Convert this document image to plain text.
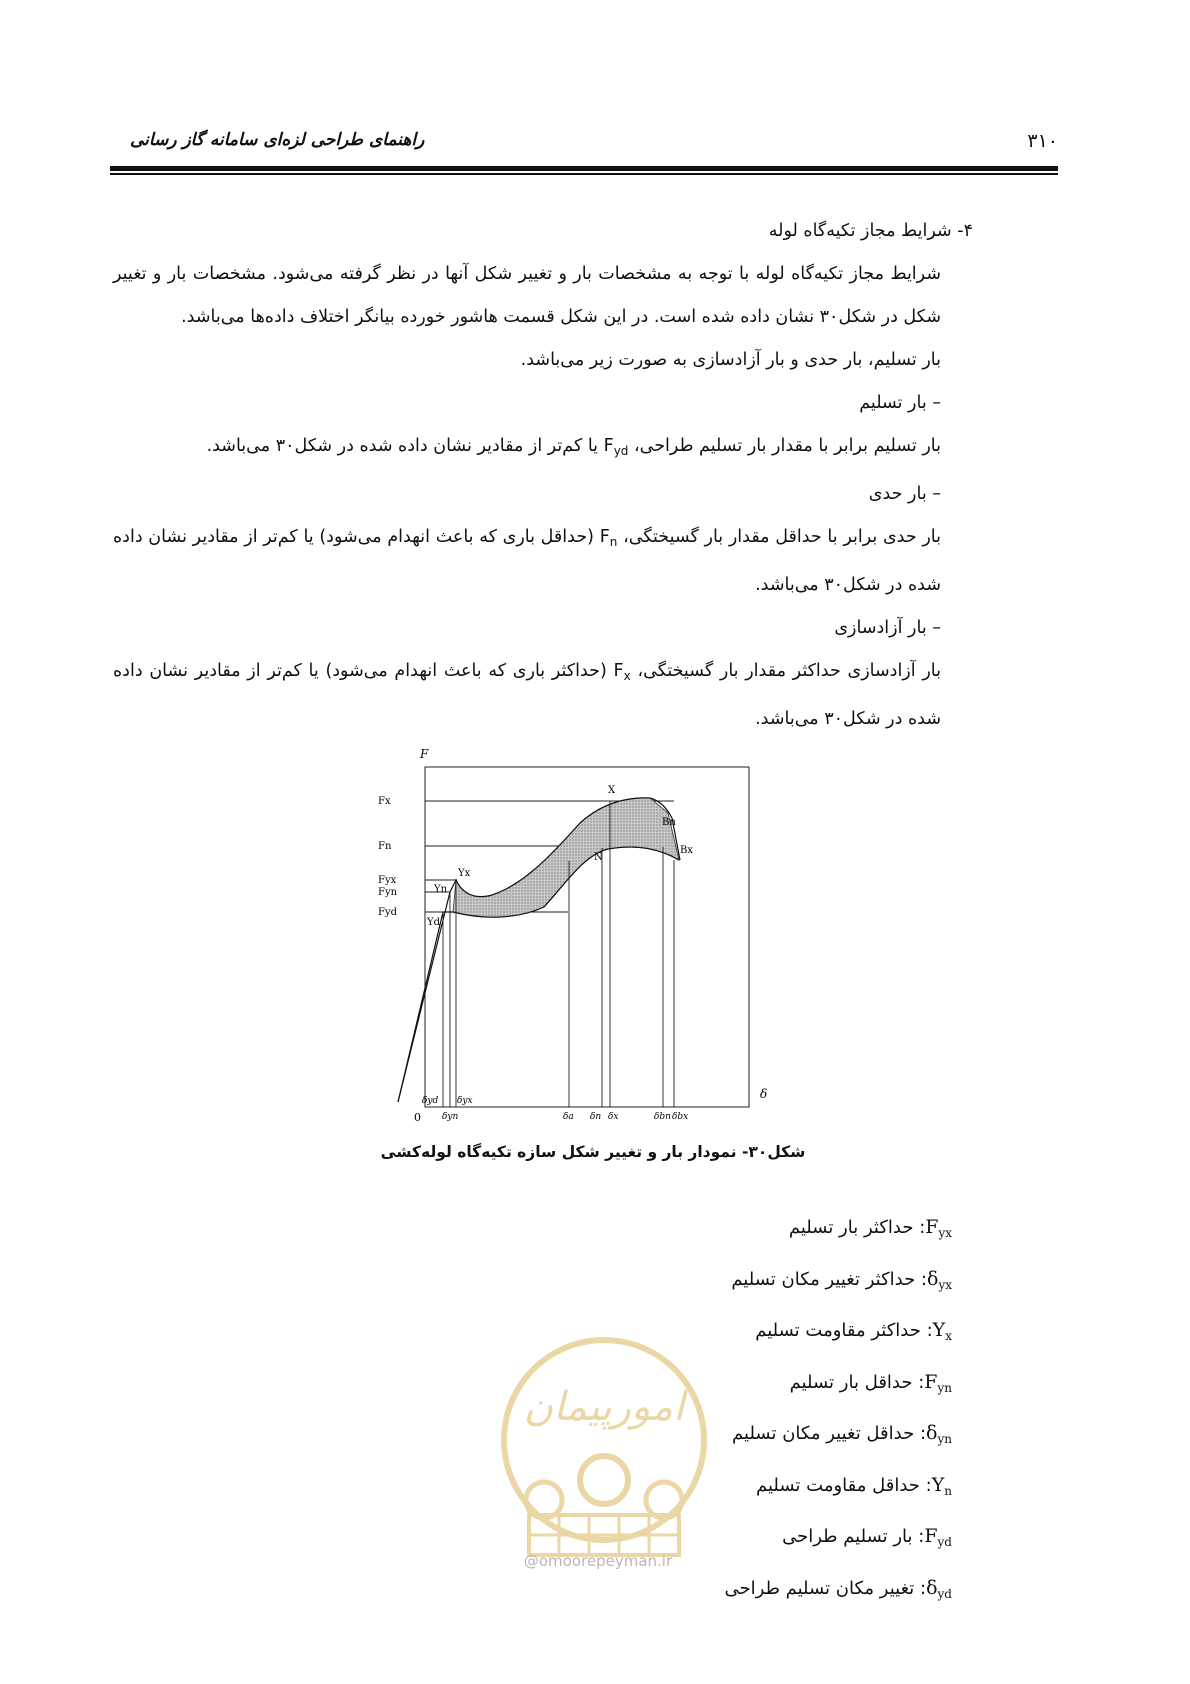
۳۱۰
راهنمای طراحی لزه‌ای سامانه گاز رسانی

۴- شرایط مجاز تکیه‌گاه لوله

شرایط مجاز تکیه‌گاه لوله با توجه به مشخصات بار و تغییر شکل آنها در نظر گرفته می‌شود. مشخصات بار و تغییر شکل در شکل۳۰ نشان داده شده است. در این شکل قسمت هاشور خورده بیانگر اختلاف داده‌ها می‌باشد.

بار تسلیم، بار حدی و بار آزادسازی به صورت زیر می‌باشد.

– بار تسلیم

بار تسلیم برابر با مقدار بار تسلیم طراحی، $F_{yd}$ یا کم‌تر از مقادیر نشان داده شده در شکل۳۰ می‌باشد.

– بار حدی

بار حدی برابر با حداقل مقدار بار گسیختگی، $F_n$ (حداقل باری که باعث انهدام می‌شود) یا کم‌تر از مقادیر نشان داده شده در شکل۳۰ می‌باشد.

– بار آزادسازی

بار آزادسازی حداکثر مقدار بار گسیختگی، $F_x$ (حداکثر باری که باعث انهدام می‌شود) یا کم‌تر از مقادیر نشان داده شده در شکل۳۰ می‌باشد.

F
δ
0
Fx
Fn
Fyx
Fyn
Fyd
X
N
Bn
Bx
Yx
Yn
Yd
δyd
δyn
δyx
δa δn δx	δbn δbx
شکل۳۰- نمودار بار و تغییر شکل سازه تکیه‌گاه لوله‌کشی
امورپیمان
$F_{yx}$: حداکثر بار تسلیم
$\delta_{yx}$: حداکثر تغییر مکان تسلیم
$Y_x$: حداکثر مقاومت تسلیم
$F_{yn}$: حداقل بار تسلیم
$\delta_{yn}$: حداقل تغییر مکان تسلیم
$Y_n$: حداقل مقاومت تسلیم
$F_{yd}$: بار تسلیم طراحی
$\delta_{yd}$: تغییر مکان تسلیم طراحی
@omoorepeyman.ir
